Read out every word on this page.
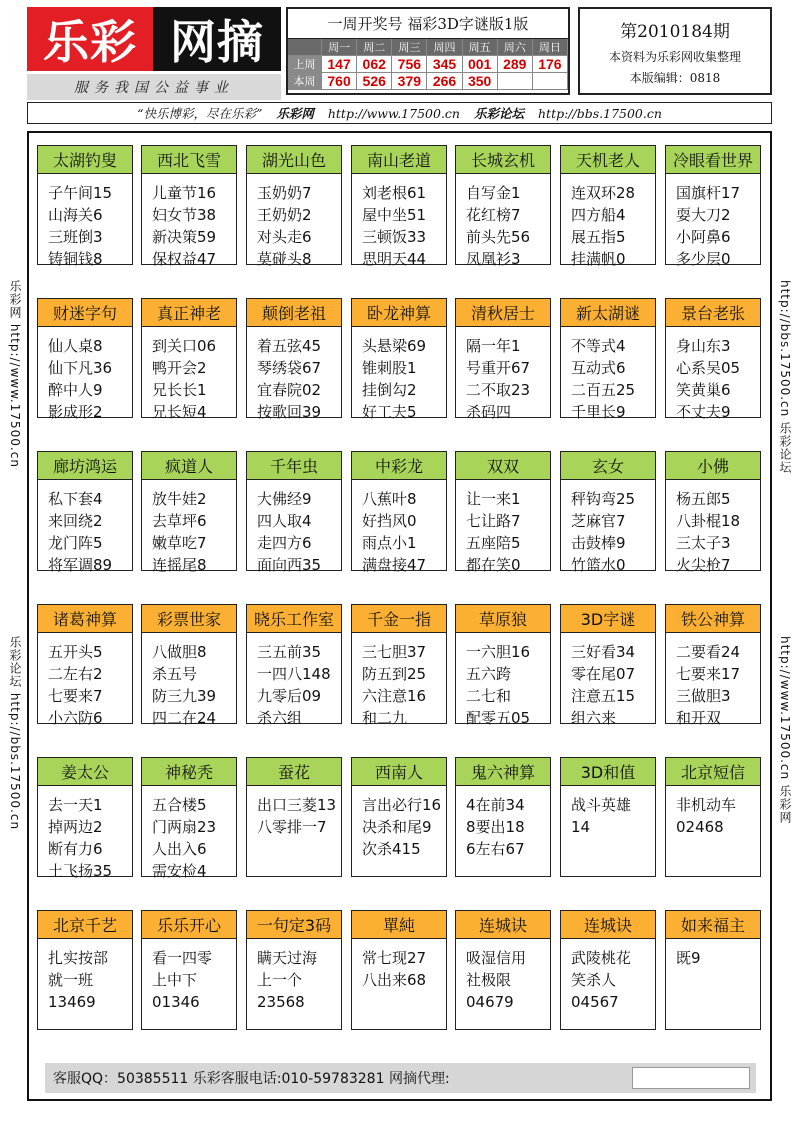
乐彩 网摘
服务我国公益事业
一周开奖号 福彩3D字谜版1版
周一	周二	周三	周四	周五	周六	周日
上周 147 062 756 345 001 289 176
本周 760 526 379 266 350
第2010184期
本资料为乐彩网收集整理
本版编辑：0818
“快乐博彩，尽在乐彩” 乐彩网 http://www.17500.cn 乐彩论坛 http://bbs.17500.cn
乐彩网 http://www.17500.cn
乐彩论坛 http://bbs.17500.cn
http://bbs.17500.cn 乐彩论坛
http://www.17500.cn 乐彩网
客服QQ：50385511 乐彩客服电话:010-59783281 网摘代理:
太湖钓叟
子午间15
山海关6
三班倒3
铸铜钱8
西北飞雪
儿童节16
妇女节38
新决策59
保权益47
湖光山色
玉奶奶7
王奶奶2
对头走6
莫碰头8
南山老道
刘老根61
屋中坐51
三顿饭33
思明天44
长城玄机
自写金1
花红榜7
前头先56
凤凰衫3
天机老人
连双环28
四方船4
展五指5
挂满帆0
冷眼看世界
国旗杆17
耍大刀2
小阿鼻6
多少层0
财迷字句
仙人桌8
仙下凡36
醉中人9
影成形2
真正神老
到关口06
鸭开会2
兄长长1
兄长短4
颠倒老祖
着五弦45
琴绣袋67
宜春院02
按歌回39
卧龙神算
头悬梁69
锥刺股1
挂倒勾2
好工夫5
清秋居士
隔一年1
号重开67
二不取23
杀码四
新太湖谜
不等式4
互动式6
二百五25
千里长9
景台老张
身山东3
心系吴05
笑黄巢6
不丈夫9
廊坊鸿运
私下套4
来回绕2
龙门阵5
将军调89
疯道人
放牛娃2
去草坪6
嫩草吃7
连摇尾8
千年虫
大佛经9
四人取4
走四方6
面向西35
中彩龙
八蕉叶8
好挡风0
雨点小1
满盘接47
双双
让一来1
七让路7
五座陪5
都在笑0
玄女
秤钩弯25
芝麻官7
击鼓棒9
竹篮水0
小佛
杨五郎5
八卦棍18
三太子3
火尖枪7
诸葛神算
五开头5
二左右2
七要来7
小六防6
彩票世家
八做胆8
杀五号
防三九39
四二在24
晓乐工作室
三五前35
一四八148
九零后09
杀六组
千金一指
三七胆37
防五到25
六注意16
和二九
草原狼
一六胆16
五六跨
二七和
配零五05
3D字谜
三好看34
零在尾07
注意五15
组六来
铁公神算
二要看24
七要来17
三做胆3
和开双
姜太公
去一天1
掉两边2
断有力6
土飞扬35
神秘秃
五合楼5
门两扇23
人出入6
需安检4
蚕花
出口三菱13
八零排一7
西南人
言出必行16
决杀和尾9
次杀415
鬼六神算
4在前34
8要出18
6左右67
3D和值
战斗英雄
14
北京短信
非机动车
02468
北京千艺
扎实按部
就一班
13469
乐乐开心
看一四零
上中下
01346
一句定3码
瞒天过海
上一个
23568
單純
常七现27
八出来68
连城诀
吸湿信用
社极限
04679
连城诀
武陵桃花
笑杀人
04567
如来福主
既9
